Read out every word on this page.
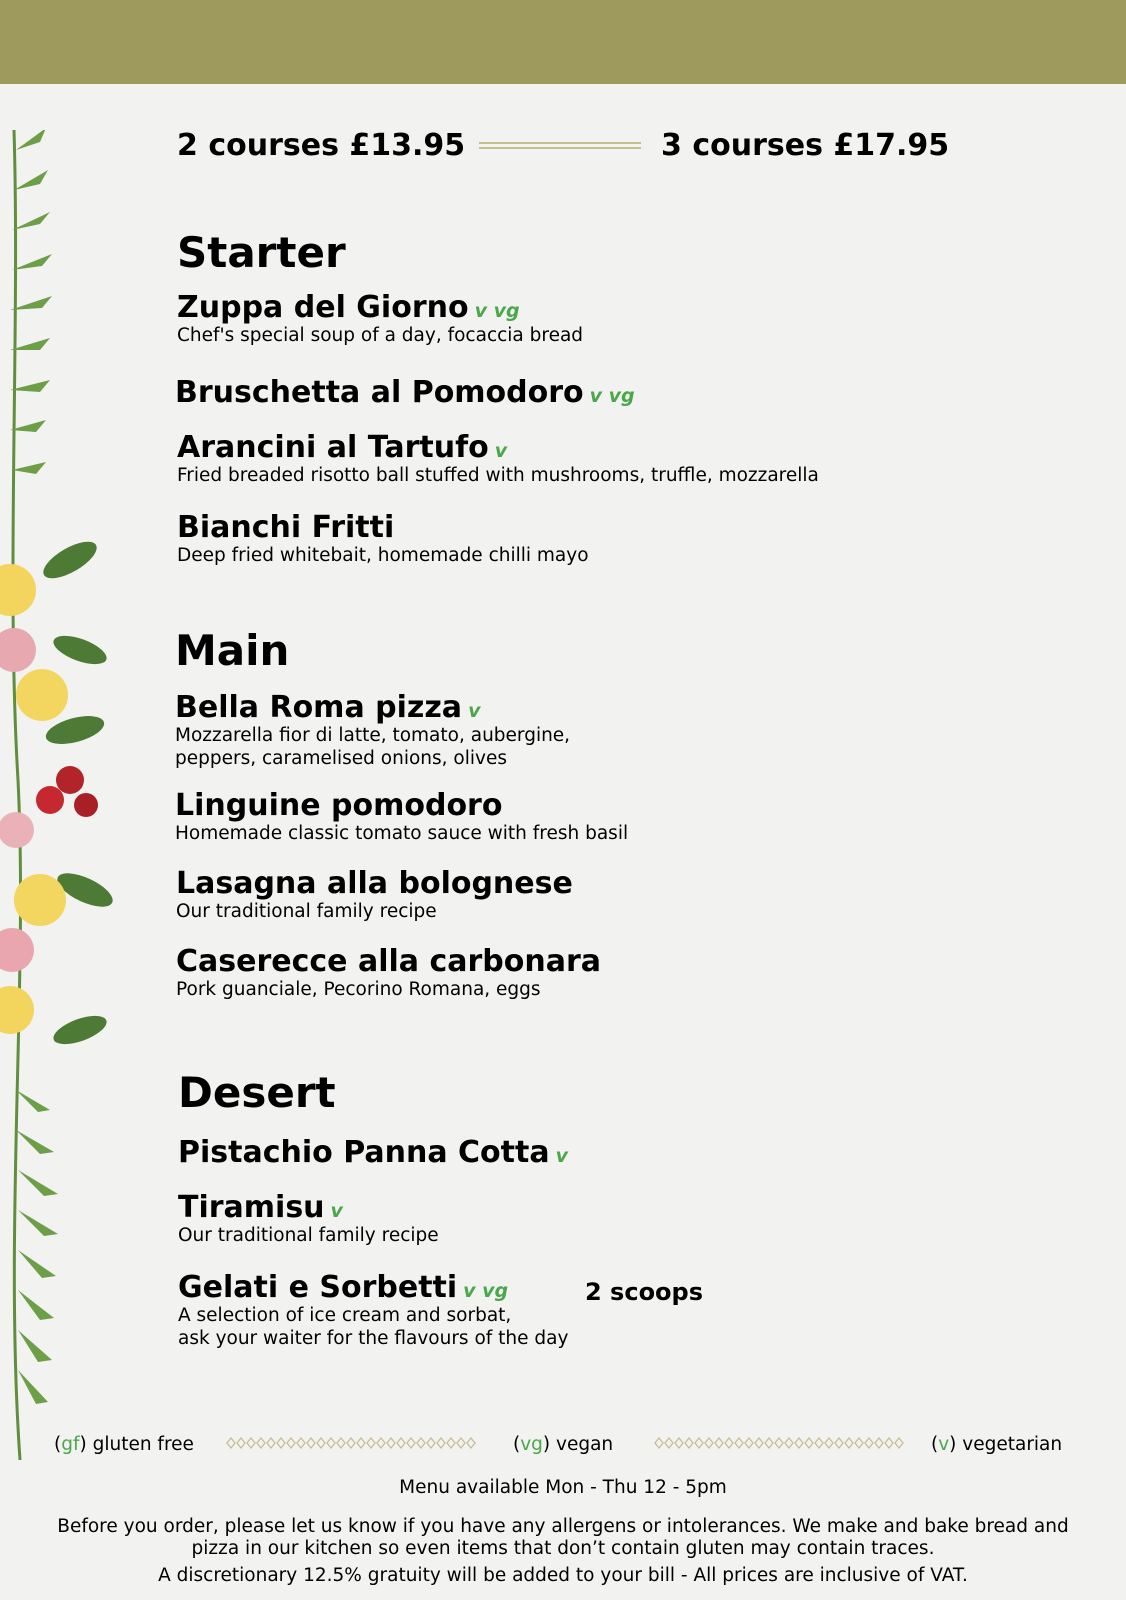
2 courses £13.95	3 courses £17.95
Starter
Zuppa del Giorno v vg
Chef's special soup of a day, focaccia bread
Bruschetta al Pomodoro v vg
Arancini al Tartufo v
Fried breaded risotto ball stuffed with mushrooms, truffle, mozzarella
Bianchi Fritti
Deep fried whitebait, homemade chilli mayo
Main
Bella Roma pizza v
Mozzarella fior di latte, tomato, aubergine,
peppers, caramelised onions, olives
Linguine pomodoro
Homemade classic tomato sauce with fresh basil
Lasagna alla bolognese
Our traditional family recipe
Caserecce alla carbonara
Pork guanciale, Pecorino Romana, eggs
Desert
Pistachio Panna Cotta v
Tiramisu v
Our traditional family recipe
Gelati e Sorbetti v vg
A selection of ice cream and sorbat,
ask your waiter for the flavours of the day
2 scoops
(gf) gluten free	(vg) vegan	(v) vegetarian
Menu available Mon - Thu 12 - 5pm
Before you order, please let us know if you have any allergens or intolerances. We make and bake bread and
pizza in our kitchen so even items that don’t contain gluten may contain traces.
A discretionary 12.5% gratuity will be added to your bill - All prices are inclusive of VAT.
